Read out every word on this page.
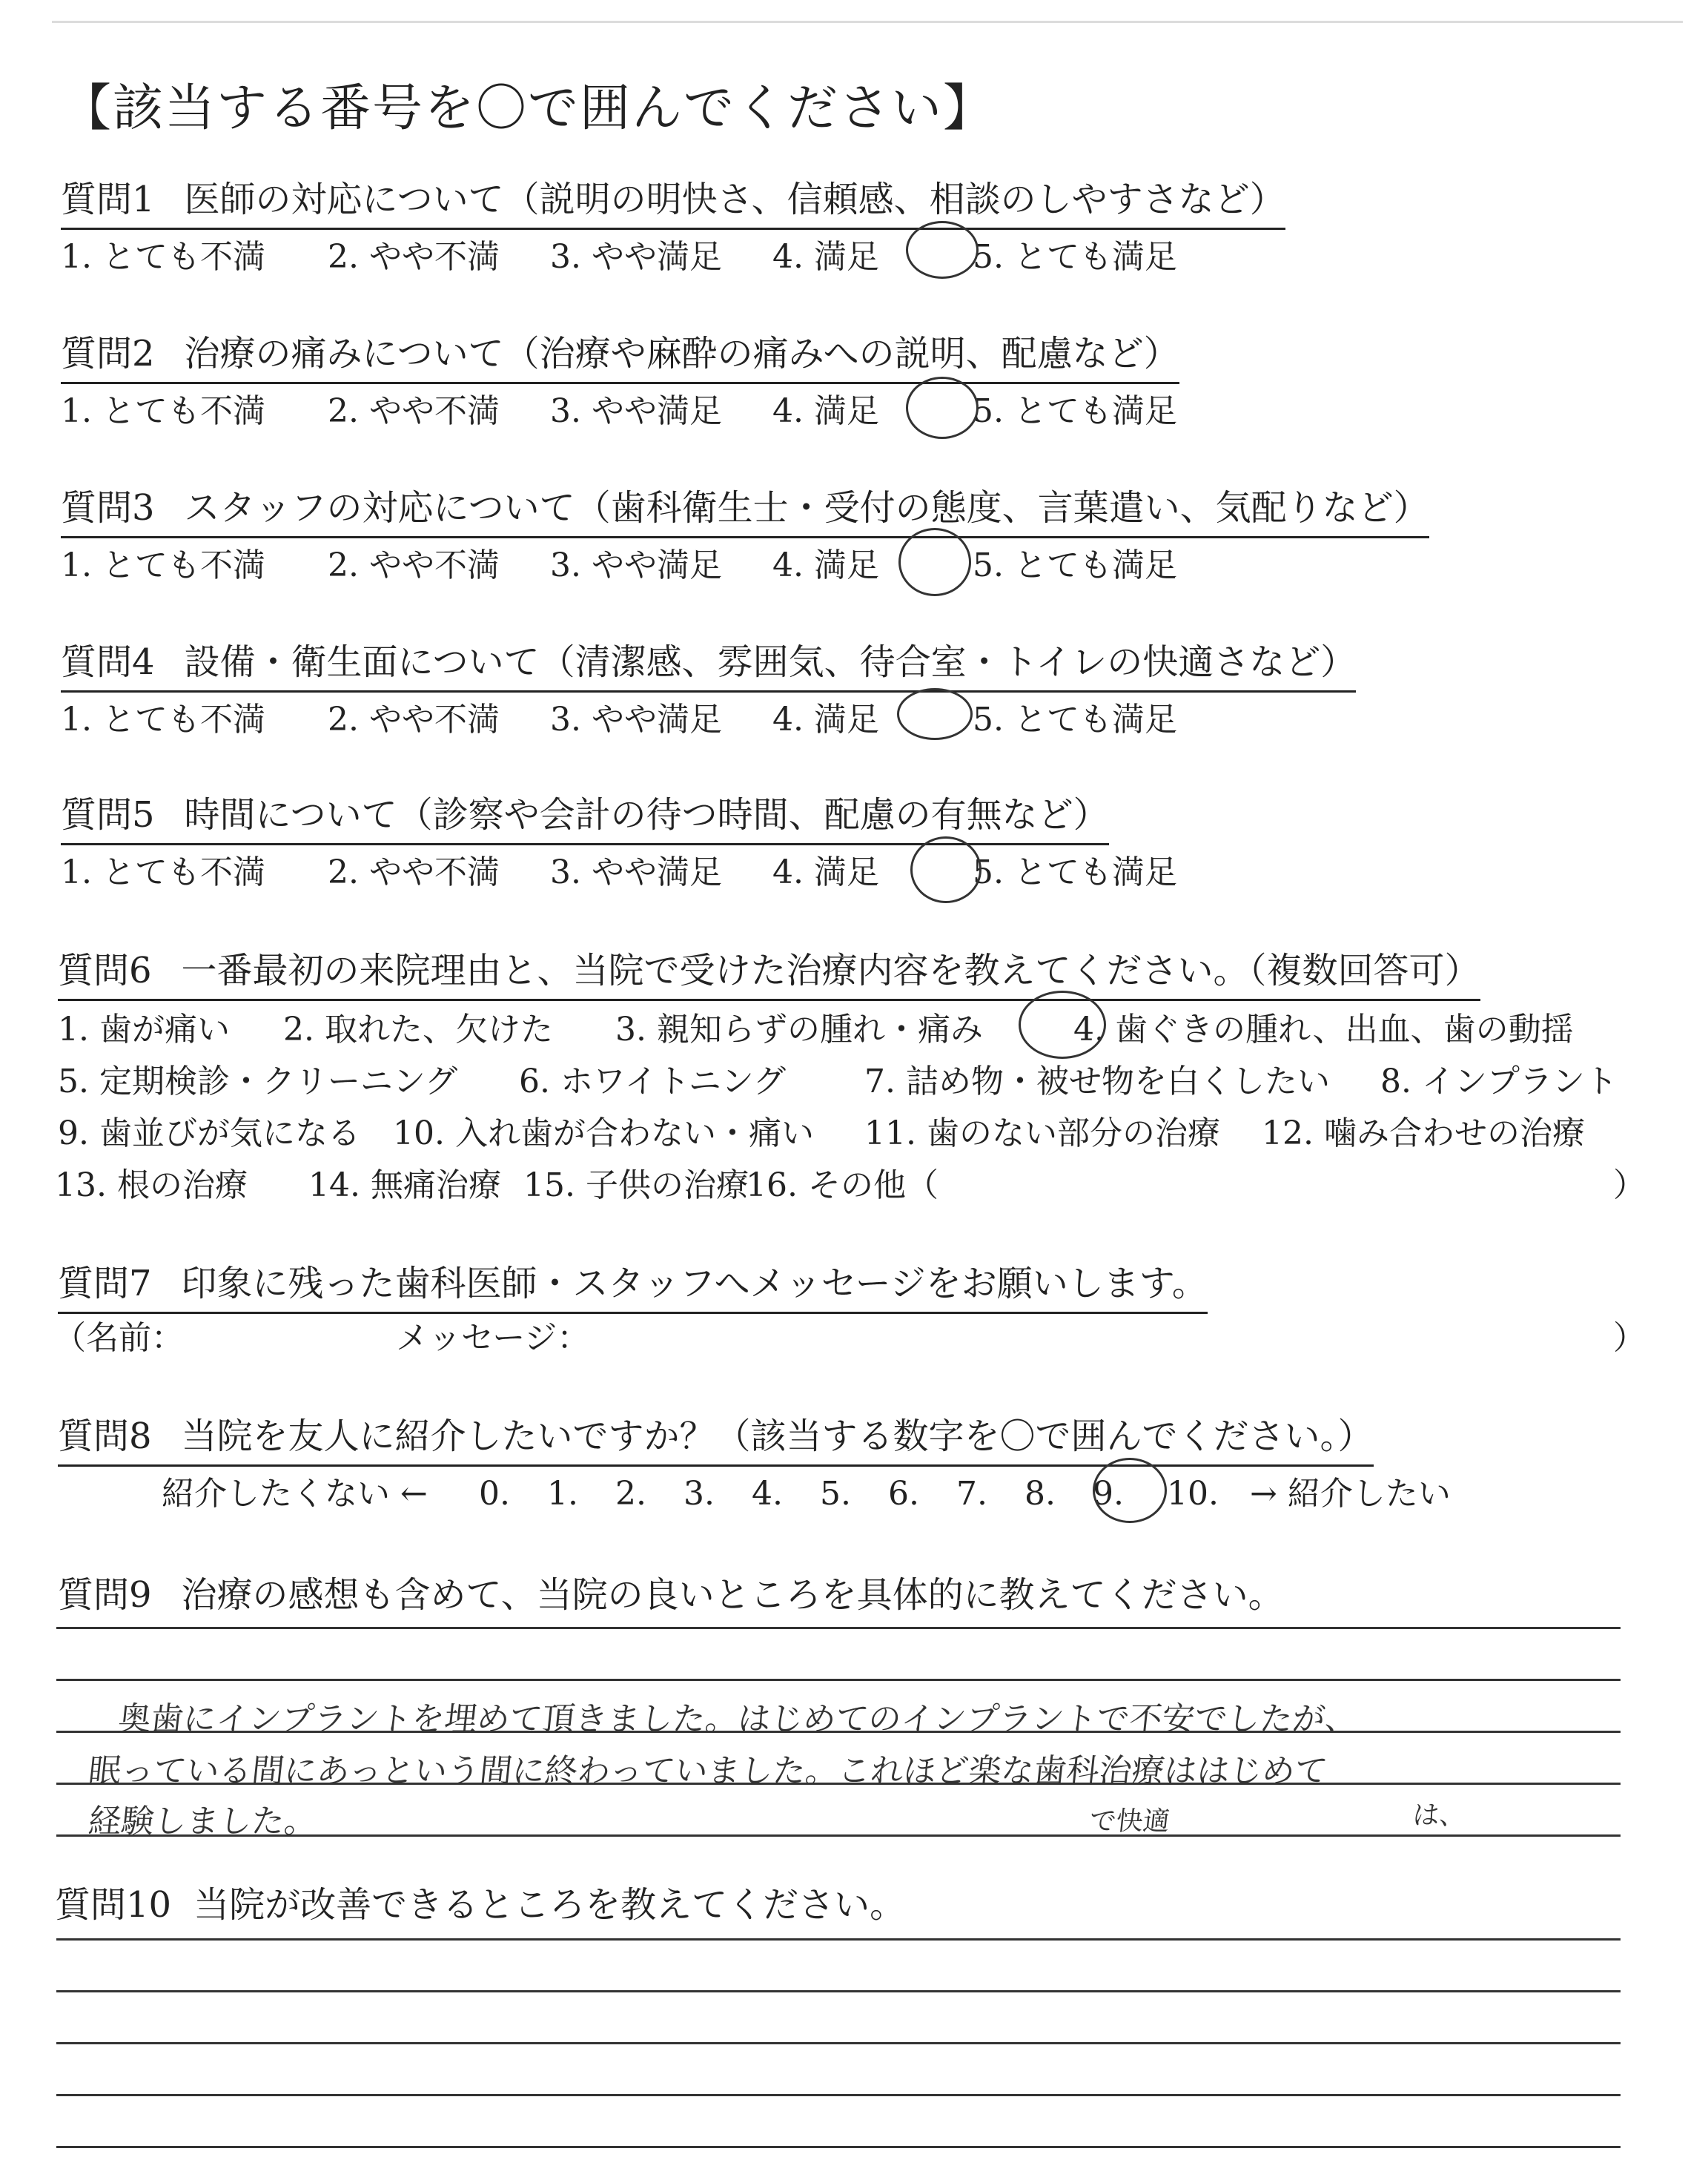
【該当する番号を〇で囲んでください】
質問1 医師の対応について（説明の明快さ、信頼感、相談のしやすさなど）
1. とても不満 2. やや不満 3. やや満足 4. 満足	5. とても満足
質問2 治療の痛みについて（治療や麻酔の痛みへの説明、配慮など）
1. とても不満 2. やや不満 3. やや満足 4. 満足	5. とても満足
質問3 スタッフの対応について（歯科衛生士・受付の態度、言葉遣い、気配りなど）
1. とても不満 2. やや不満 3. やや満足 4. 満足	5. とても満足
質問4 設備・衛生面について（清潔感、雰囲気、待合室・トイレの快適さなど）
1. とても不満 2. やや不満 3. やや満足 4. 満足	5. とても満足
質問5 時間について（診察や会計の待つ時間、配慮の有無など）
1. とても不満 2. やや不満 3. やや満足 4. 満足	5. とても満足
質問6 一番最初の来院理由と、当院で受けた治療内容を教えてください。（複数回答可）
1. 歯が痛い 2. 取れた、欠けた 3. 親知らずの腫れ・痛み	4. 歯ぐきの腫れ、出血、歯の動揺
5. 定期検診・クリーニング 6. ホワイトニング 7. 詰め物・被せ物を白くしたい 8. インプラント
9. 歯並びが気になる 10. 入れ歯が合わない・痛い 11. 歯のない部分の治療 12. 噛み合わせの治療
13. 根の治療 14. 無痛治療 15. 子供の治療16. その他（	）
質問7 印象に残った歯科医師・スタッフへメッセージをお願いします。
（名前：	メッセージ：	）
質問8 当院を友人に紹介したいですか？（該当する数字を〇で囲んでください。）
紹介したくない ← 0. 1. 2. 3. 4. 5. 6. 7. 8. 9. 10. → 紹介したい
質問9 治療の感想も含めて、当院の良いところを具体的に教えてください。
奥歯にインプラントを埋めて頂きました。はじめてのインプラントで不安でしたが、
眠っている間にあっという間に終わっていました。これほど楽な歯科治療ははじめて
経験しました。	で快適	は、
質問10 当院が改善できるところを教えてください。
